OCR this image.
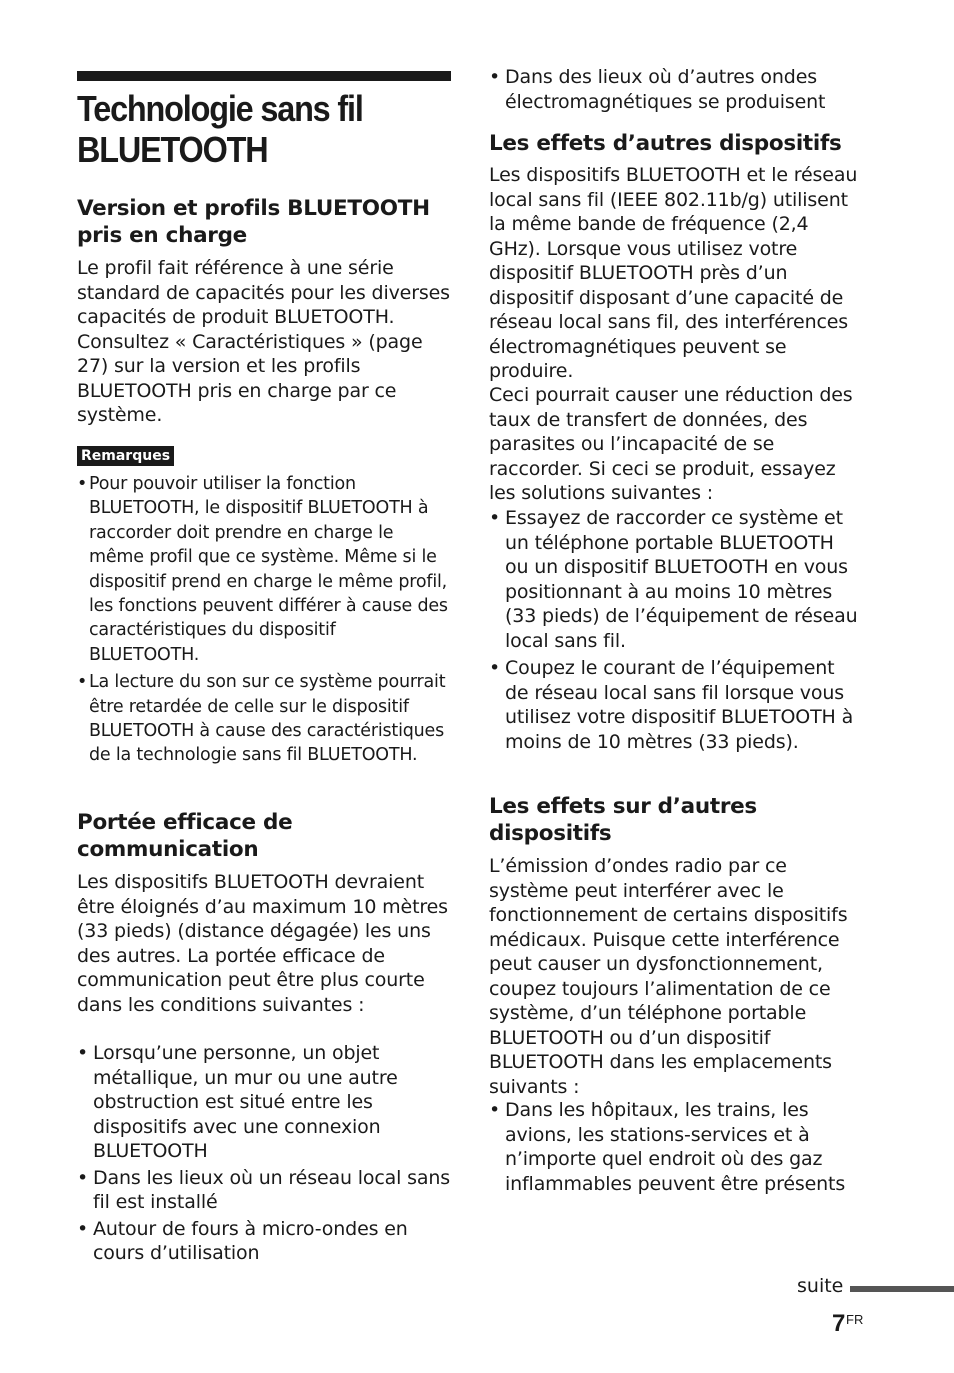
Technologie sans fil BLUETOOTH
Version et profils BLUETOOTH pris en charge

Le profil fait référence à une série standard de capacités pour les diverses capacités de produit BLUETOOTH. Consultez « Caractéristiques » (page 27) sur la version et les profils BLUETOOTH pris en charge par ce système.

Remarques
• Pour pouvoir utiliser la fonction BLUETOOTH, le dispositif BLUETOOTH à raccorder doit prendre en charge le même profil que ce système. Même si le dispositif prend en charge le même profil, les fonctions peuvent différer à cause des caractéristiques du dispositif BLUETOOTH.
• La lecture du son sur ce système pourrait être retardée de celle sur le dispositif BLUETOOTH à cause des caractéristiques de la technologie sans fil BLUETOOTH.
Portée efficace de communication

Les dispositifs BLUETOOTH devraient être éloignés d’au maximum 10 mètres (33 pieds) (distance dégagée) les uns des autres. La portée efficace de communication peut être plus courte dans les conditions suivantes :

• Lorsqu’une personne, un objet métallique, un mur ou une autre obstruction est situé entre les dispositifs avec une connexion BLUETOOTH
• Dans les lieux où un réseau local sans fil est installé
• Autour de fours à micro-ondes en cours d’utilisation
• Dans des lieux où d’autres ondes électromagnétiques se produisent
Les effets d’autres dispositifs

Les dispositifs BLUETOOTH et le réseau local sans fil (IEEE 802.11b/g) utilisent la même bande de fréquence (2,4 GHz). Lorsque vous utilisez votre dispositif BLUETOOTH près d’un dispositif disposant d’une capacité de réseau local sans fil, des interférences électromagnétiques peuvent se produire.

Ceci pourrait causer une réduction des taux de transfert de données, des parasites ou l’incapacité de se raccorder. Si ceci se produit, essayez les solutions suivantes :

• Essayez de raccorder ce système et un téléphone portable BLUETOOTH ou un dispositif BLUETOOTH en vous positionnant à au moins 10 mètres (33 pieds) de l’équipement de réseau local sans fil.
• Coupez le courant de l’équipement de réseau local sans fil lorsque vous utilisez votre dispositif BLUETOOTH à moins de 10 mètres (33 pieds).
Les effets sur d’autres dispositifs

L’émission d’ondes radio par ce système peut interférer avec le fonctionnement de certains dispositifs médicaux. Puisque cette interférence peut causer un dysfonctionnement, coupez toujours l’alimentation de ce système, d’un téléphone portable BLUETOOTH ou d’un dispositif BLUETOOTH dans les emplacements suivants :

• Dans les hôpitaux, les trains, les avions, les stations-services et à n’importe quel endroit où des gaz inflammables peuvent être présents
suite
7 FR
